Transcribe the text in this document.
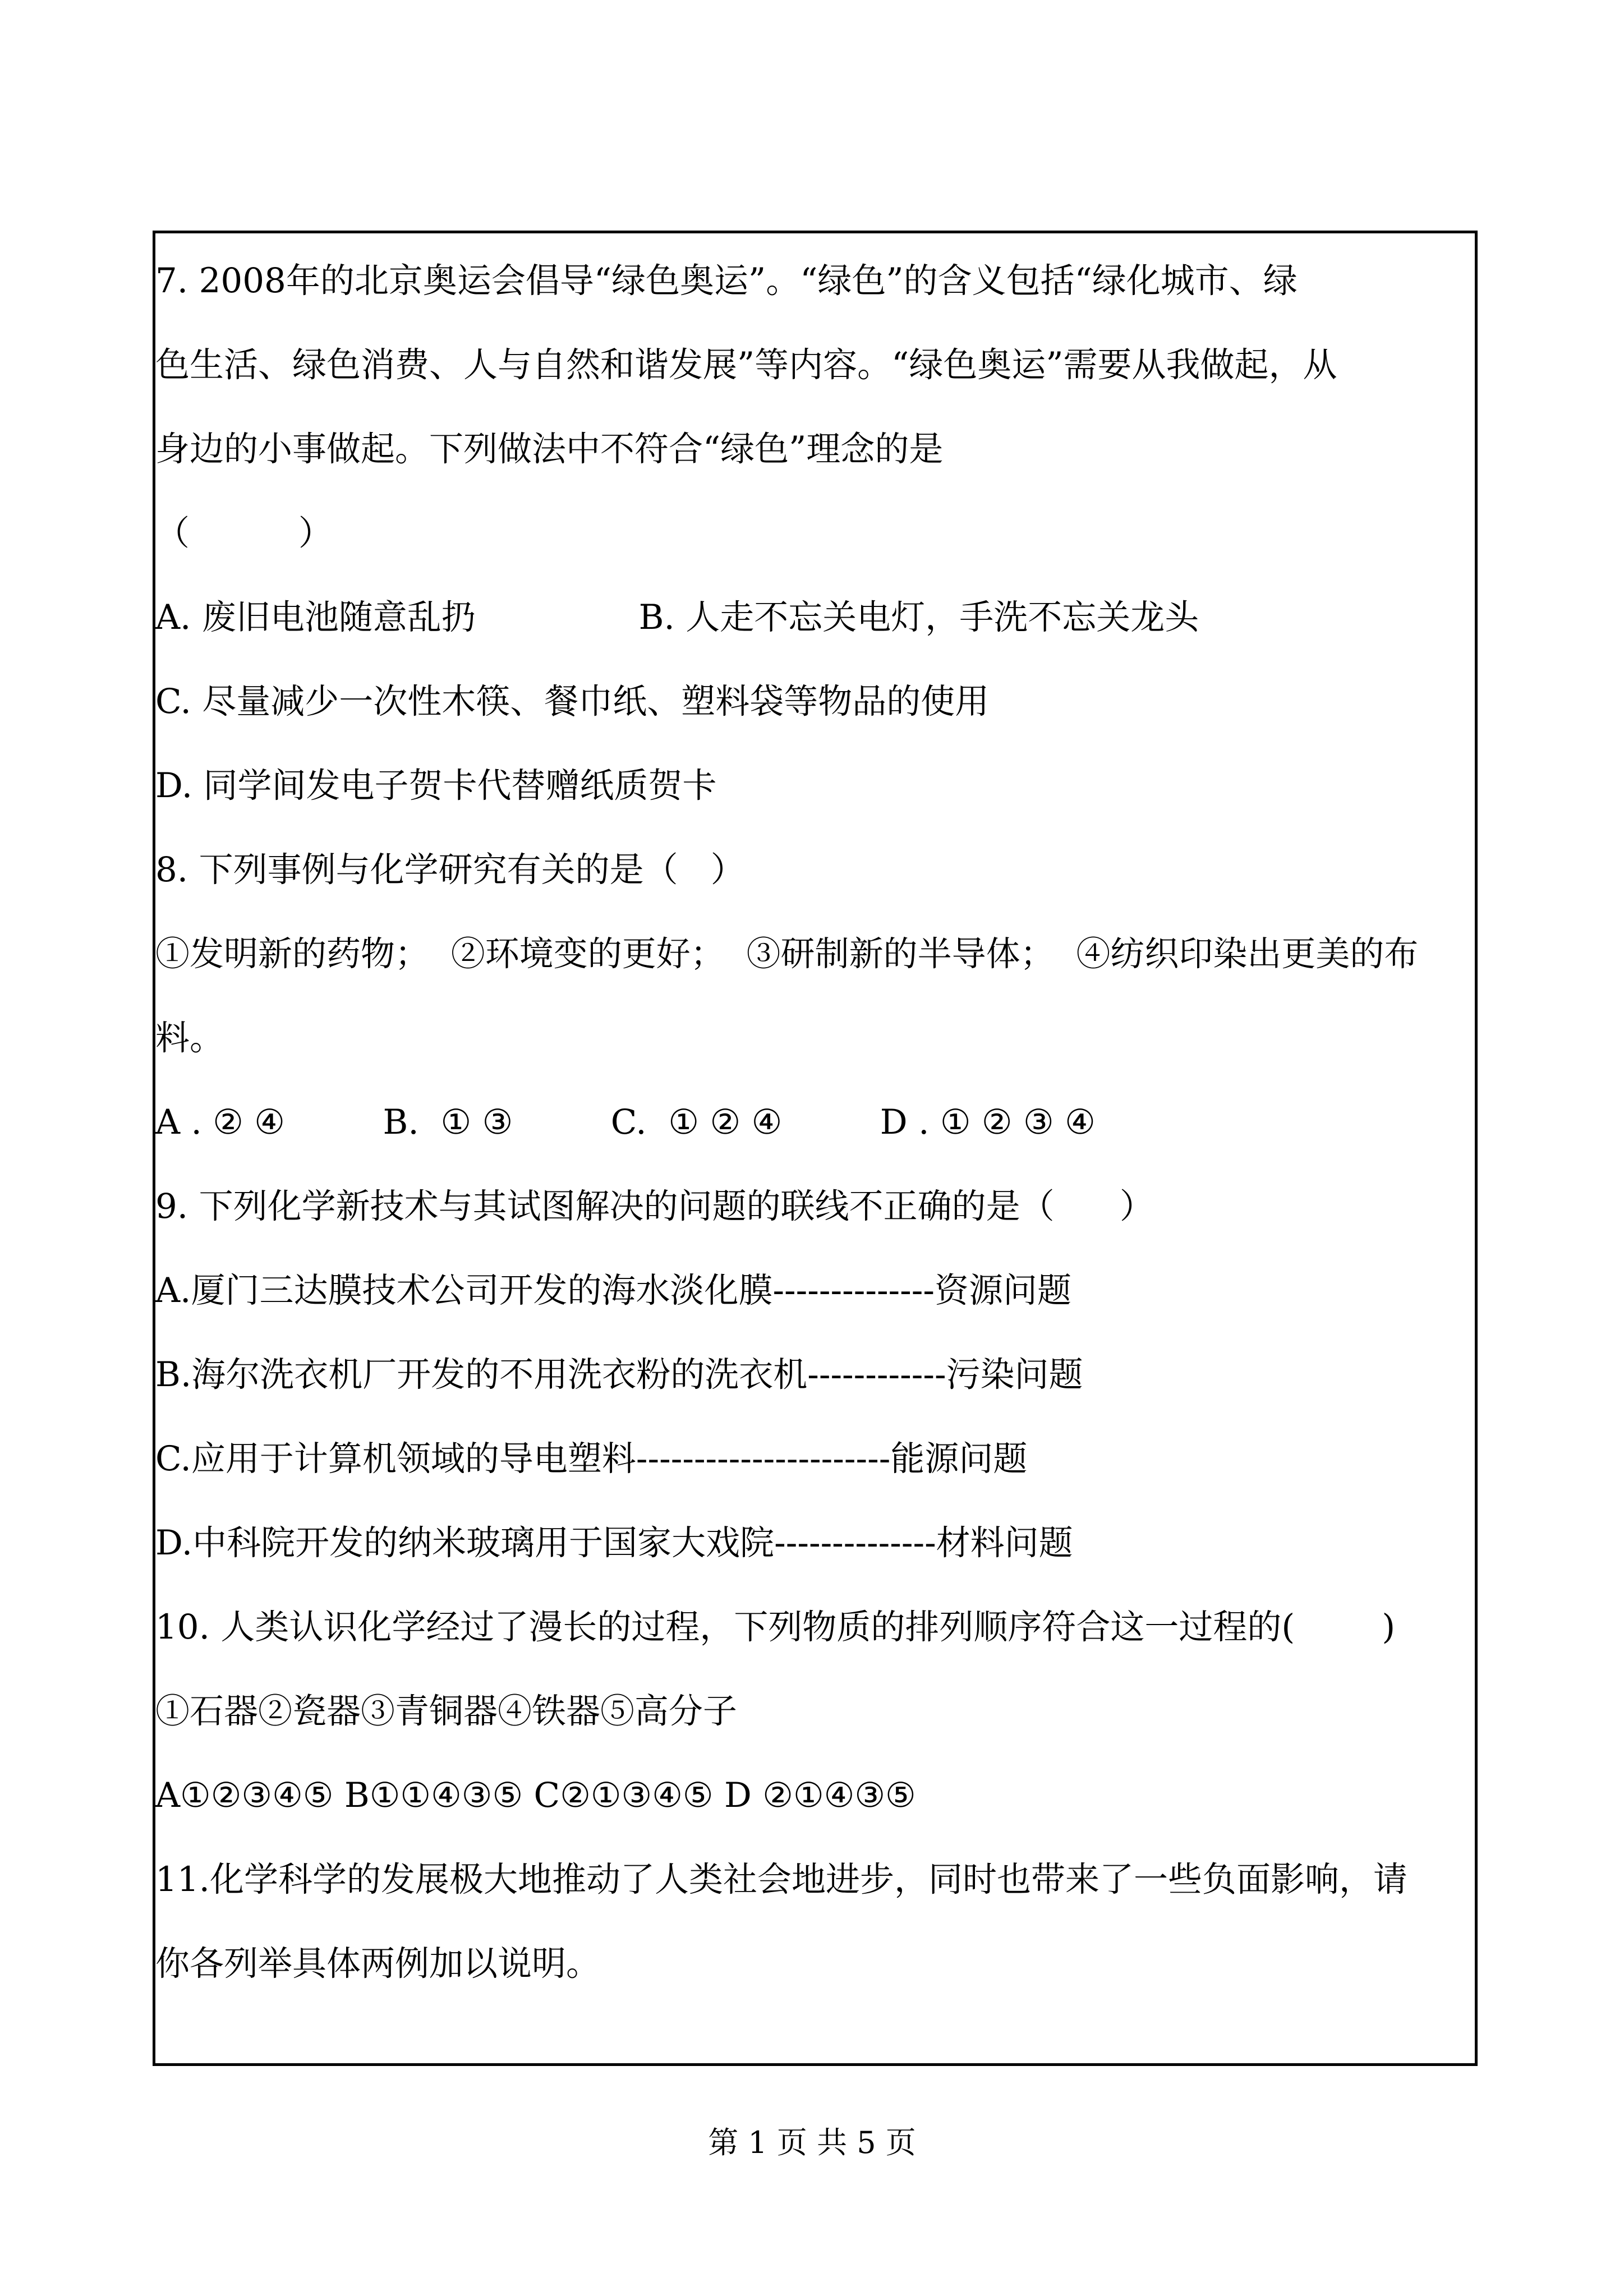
7. 2008年的北京奥运会倡导“绿色奥运”。“绿色”的含义包括“绿化城市、绿
色生活、绿色消费、人与自然和谐发展”等内容。“绿色奥运”需要从我做起，从
身边的小事做起。下列做法中不符合“绿色”理念的是
（          ）
A. 废旧电池随意乱扔               B. 人走不忘关电灯，手洗不忘关龙头
C. 尽量减少一次性木筷、餐巾纸、塑料袋等物品的使用
D. 同学间发电子贺卡代替赠纸质贺卡
8. 下列事例与化学研究有关的是（   ）
①发明新的药物；  ②环境变的更好；  ③研制新的半导体；  ④纺织印染出更美的布
料。
A . ② ④         B.  ① ③         C.  ① ② ④         D . ① ② ③ ④
9. 下列化学新技术与其试图解决的问题的联线不正确的是（      ）
A.厦门三达膜技术公司开发的海水淡化膜--------------资源问题
B.海尔洗衣机厂开发的不用洗衣粉的洗衣机------------污染问题
C.应用于计算机领域的导电塑料----------------------能源问题
D.中科院开发的纳米玻璃用于国家大戏院--------------材料问题
10. 人类认识化学经过了漫长的过程，下列物质的排列顺序符合这一过程的(        )
①石器②瓷器③青铜器④铁器⑤高分子
A①②③④⑤ B①①④③⑤ C②①③④⑤ D ②①④③⑤
11.化学科学的发展极大地推动了人类社会地进步，同时也带来了一些负面影响，请
你各列举具体两例加以说明。
第 1 页 共 5 页
